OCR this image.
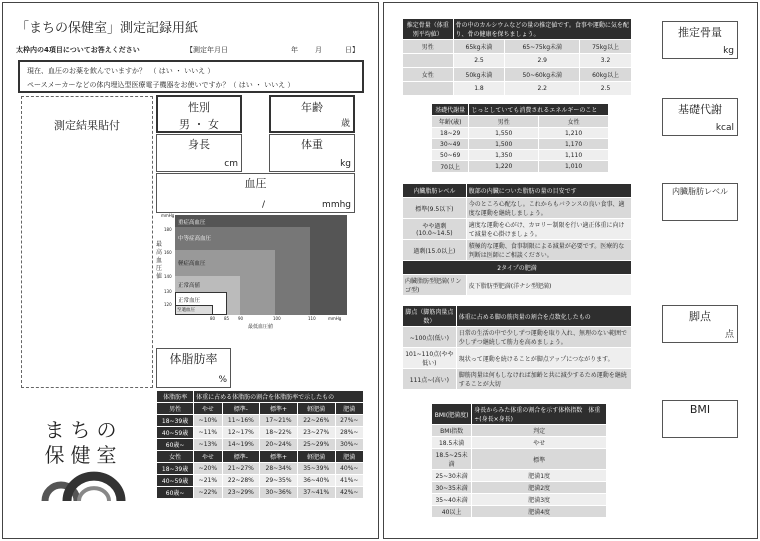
「まちの保健室」測定記録用紙
太枠内の4項目についてお答えください	【測定年月日	年 月	日】
現在、血圧のお薬を飲んでいますか？　（ はい ・ いいえ ）
ペースメーカーなどの体内埋込型医療電子機器をお使いですか？（ はい ・ いいえ ）
測定結果貼付
性別
男 ・ 女
年齢
歳
身長
cm
体重
kg
血圧
/	mmhg
最高血圧値
mmHg
重症高血圧
中等症高血圧
軽症高血圧
正常高値
正常血圧
至適血圧
180
160
140
130
120
80 85 90	100	110	mmHg
最低血圧値
体脂肪率
%
体脂肪率	体重に占める体脂肪の割合を体脂肪率で示したもの				
男性	やせ	標準-	標準+	軽肥満	肥満
18~39歳	~10%	11~16%	17~21%	22~26%	27%~
40~59歳	~11%	12~17%	18~22%	23~27%	28%~
60歳~	~13%	14~19%	20~24%	25~29%	30%~
女性	やせ	標準-	標準+	軽肥満	肥満
18~39歳	~20%	21~27%	28~34%	35~39%	40%~
40~59歳	~21%	22~28%	29~35%	36~40%	41%~
60歳~	~22%	23~29%	30~36%	37~41%	42%~
まちの
保健室
推定骨量（体重別平均値）	骨の中のカルシウムなどの量の推定値です。食事や運動に気を配り、骨の健康を保ちましょう。		
男性	65kg未満	65~75kg未満	75kg以上
	2.5	2.9	3.2
女性	50kg未満	50~60kg未満	60kg以上
	1.8	2.2	2.5
基礎代謝量	じっとしていても消費されるエネルギーのこと	
年齢(歳)	男性	女性
18~29	1,550	1,210
30~49	1,500	1,170
50~69	1,350	1,110
70以上	1,220	1,010
内臓脂肪レベル	腹部の内臓についた脂肪の量の目安です
標準(9.5以下)	今のところ心配なし。これからもバランスの良い食事、適度な運動を継続しましょう。
やや過剰(10.0~14.5)	適度な運動を心がけ、カロリー制限を行い適正体重に向けて減量を心掛けましょう。
過剰(15.0以上)	積極的な運動、食事制限による減量が必要です。医療的な判断は医師にご相談ください。
2タイプの肥満	
内臓脂肪型肥満(リンゴ型)	皮下脂肪型肥満(洋ナシ型肥満)
脚点（脚筋肉量点数）	体重に占める脚の筋肉量の割合を点数化したもの
~100点(低い)	日常の生活の中で少しずつ運動を取り入れ、無理のない範囲で少しずつ継続して筋力を高めましょう。
101~110点(やや低い)	現状って運動を続けることが脚点アップにつながります。
111点~(高い)	脚筋肉量は何もしなければ加齢と共に減少するため運動を継続することが大切
BMI(肥満度)	身長からみた体重の割合を示す体格指数　体重÷(身長×身長)
BMI指数	判定
18.5未満	やせ
18.5~25未満	標準
25~30未満	肥満1度
30~35未満	肥満2度
35~40未満	肥満3度
40以上	肥満4度
推定骨量
kg
基礎代謝
kcal
内臓脂肪レベル
脚点
点
BMI
